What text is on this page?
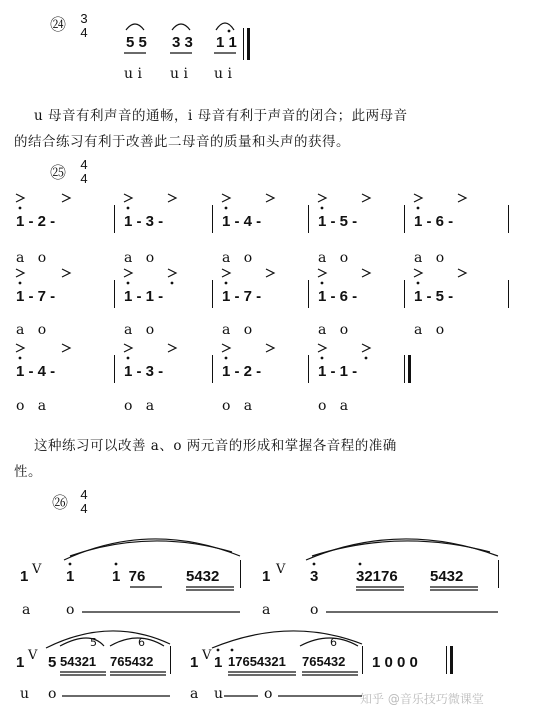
㉔ 3
4
5 5 3 3 1 1
u i u i u i
u 母音有利声音的通畅，i 母音有利于声音的闭合；此两母音
的结合练习有利于改善此二母音的质量和头声的获得。
㉕ 4
4
1 - 2 -	1 - 3 -	1 - 4 -	1 - 5 -	1 - 6 -
a   o	a   o	a   o	a   o	a   o
1 - 7 -	1 - 1 -	1 - 7 -	1 - 6 -	1 - 5 -
a   o	a   o	a   o	a   o	a   o
1 - 4 -	1 - 3 -	1 - 2 -	1 - 1 -
o   a	o   a	o   a	o   a
这种练习可以改善 a、o 两元音的形成和掌握各音程的准确
性。
㉖ 4
4
1 V 1	1  76	5432	1 V 3	32176 5432
a	o	a	o
1 V 5 54321 765432 1 V 1 17654321 765432 1 0 0 0
5	6	6
u o	a u	o	知乎 @音乐技巧微课堂
